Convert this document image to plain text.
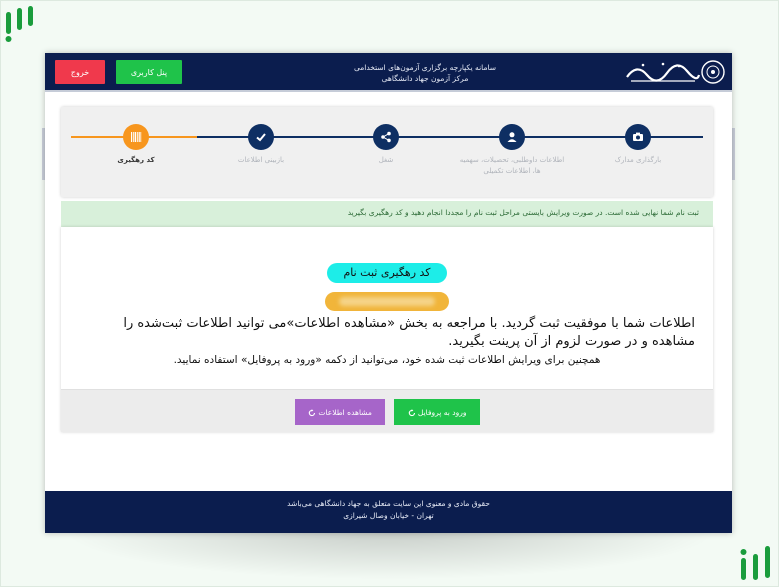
خروج	پنل کاربری	سامانه یکپارچه برگزاری آزمون‌های استخدامی
مرکز آزمون جهاد دانشگاهی
کد رهگیری	بازبینی اطلاعات	شغل	اطلاعات داوطلبی، تحصیلات، سهمیه ها، اطلاعات تکمیلی
بارگذاری مدارک
ثبت نام شما نهایی شده است. در صورت ویرایش بایستی مراحل ثبت نام را مجددا انجام دهید و کد رهگیری بگیرید
کد رهگیری ثبت نام
اطلاعات شما با موفقیت ثبت گردید. با مراجعه به بخش «مشاهده اطلاعات»می توانید اطلاعات ثبت‌شده را مشاهده و در صورت لزوم از آن پرینت بگیرید.
همچنین برای ویرایش اطلاعات ثبت شده خود، می‌توانید از دکمه «ورود به پروفایل» استفاده نمایید.
مشاهده اطلاعات	ورود به پروفایل
حقوق مادی و معنوی این سایت متعلق به جهاد دانشگاهی می‌باشد
تهران - خیابان وصال شیرازی
